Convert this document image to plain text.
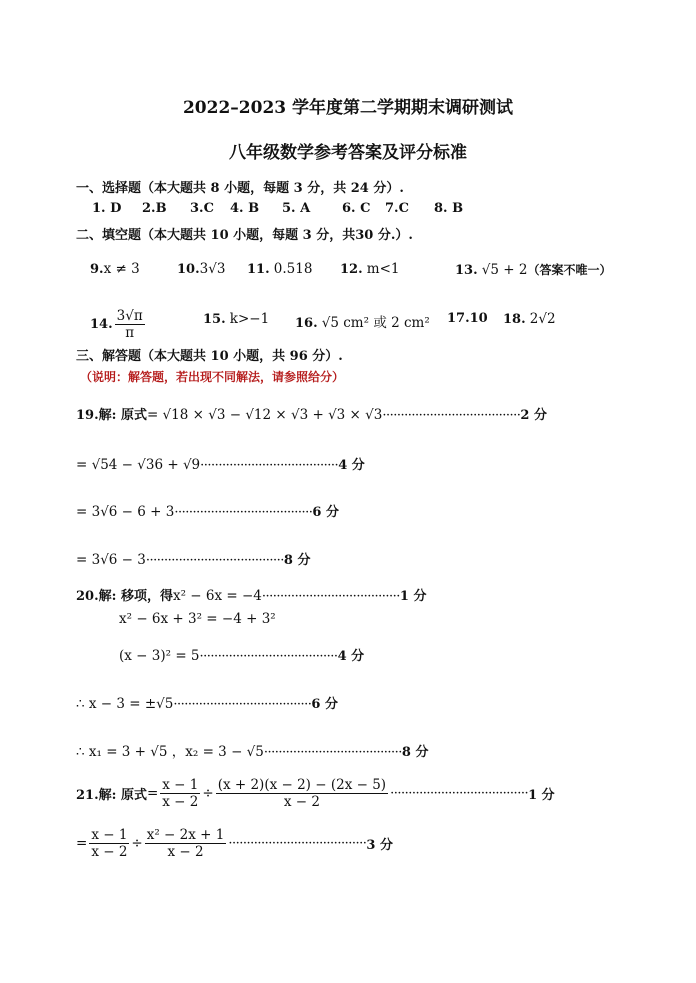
2022–2023 学年度第二学期期末调研测试
八年级数学参考答案及评分标准
一、选择题（本大题共 8 小题，每题 3 分，共 24 分）.
1. D 2.B 3.C 4. B 5. A 6. C 7.C 8. B
二、填空题（本大题共 10 小题，每题 3 分，共30 分.）.
9.x ≠ 3	10.3√3 11. 0.518 12. m<1	13. √5 + 2（答案不唯一）
14. $\frac{3√\pi}{\pi}$	15. k>−1 16. √5 cm² 或 2 cm² 17.10 18. 2√2
三、解答题（本大题共 10 小题，共 96 分）.
（说明：解答题，若出现不同解法，请参照给分）
19.解: 原式= √18 × √3 − √12 × √3 + √3 × √3······································2 分
= √54 − √36 + √9······································4 分
= 3√6 − 6 + 3······································6 分
= 3√6 − 3······································8 分
20.解: 移项，得x² − 6x = −4······································1 分
x² − 6x + 3² = −4 + 3²
(x − 3)² = 5······································4 分
∴ x − 3 = ±√5······································6 分
∴ x₁ = 3 + √5 ，x₂ = 3 − √5······································8 分
21.解: 原式= $\frac{x - 1}{x - 2} \div \frac{(x + 2)(x - 2) - (2x - 5)}{x - 2} \cdot\cdot\cdot\cdot\cdot\cdot\cdot\cdot\cdot\cdot\cdot\cdot\cdot\cdot\cdot\cdot\cdot\cdot\cdot\cdot\cdot\cdot\cdot\cdot\cdot\cdot\cdot\cdot\cdot\cdot\cdot\cdot\cdot\cdot\cdot\cdot\cdot\cdot 1$ 分
= $\frac{x - 1}{x - 2} \div \frac{\text{x² − 2x + 1}}{x - 2} \cdot\cdot\cdot\cdot\cdot\cdot\cdot\cdot\cdot\cdot\cdot\cdot\cdot\cdot\cdot\cdot\cdot\cdot\cdot\cdot\cdot\cdot\cdot\cdot\cdot\cdot\cdot\cdot\cdot\cdot\cdot\cdot\cdot\cdot\cdot\cdot\cdot\cdot 3$ 分
